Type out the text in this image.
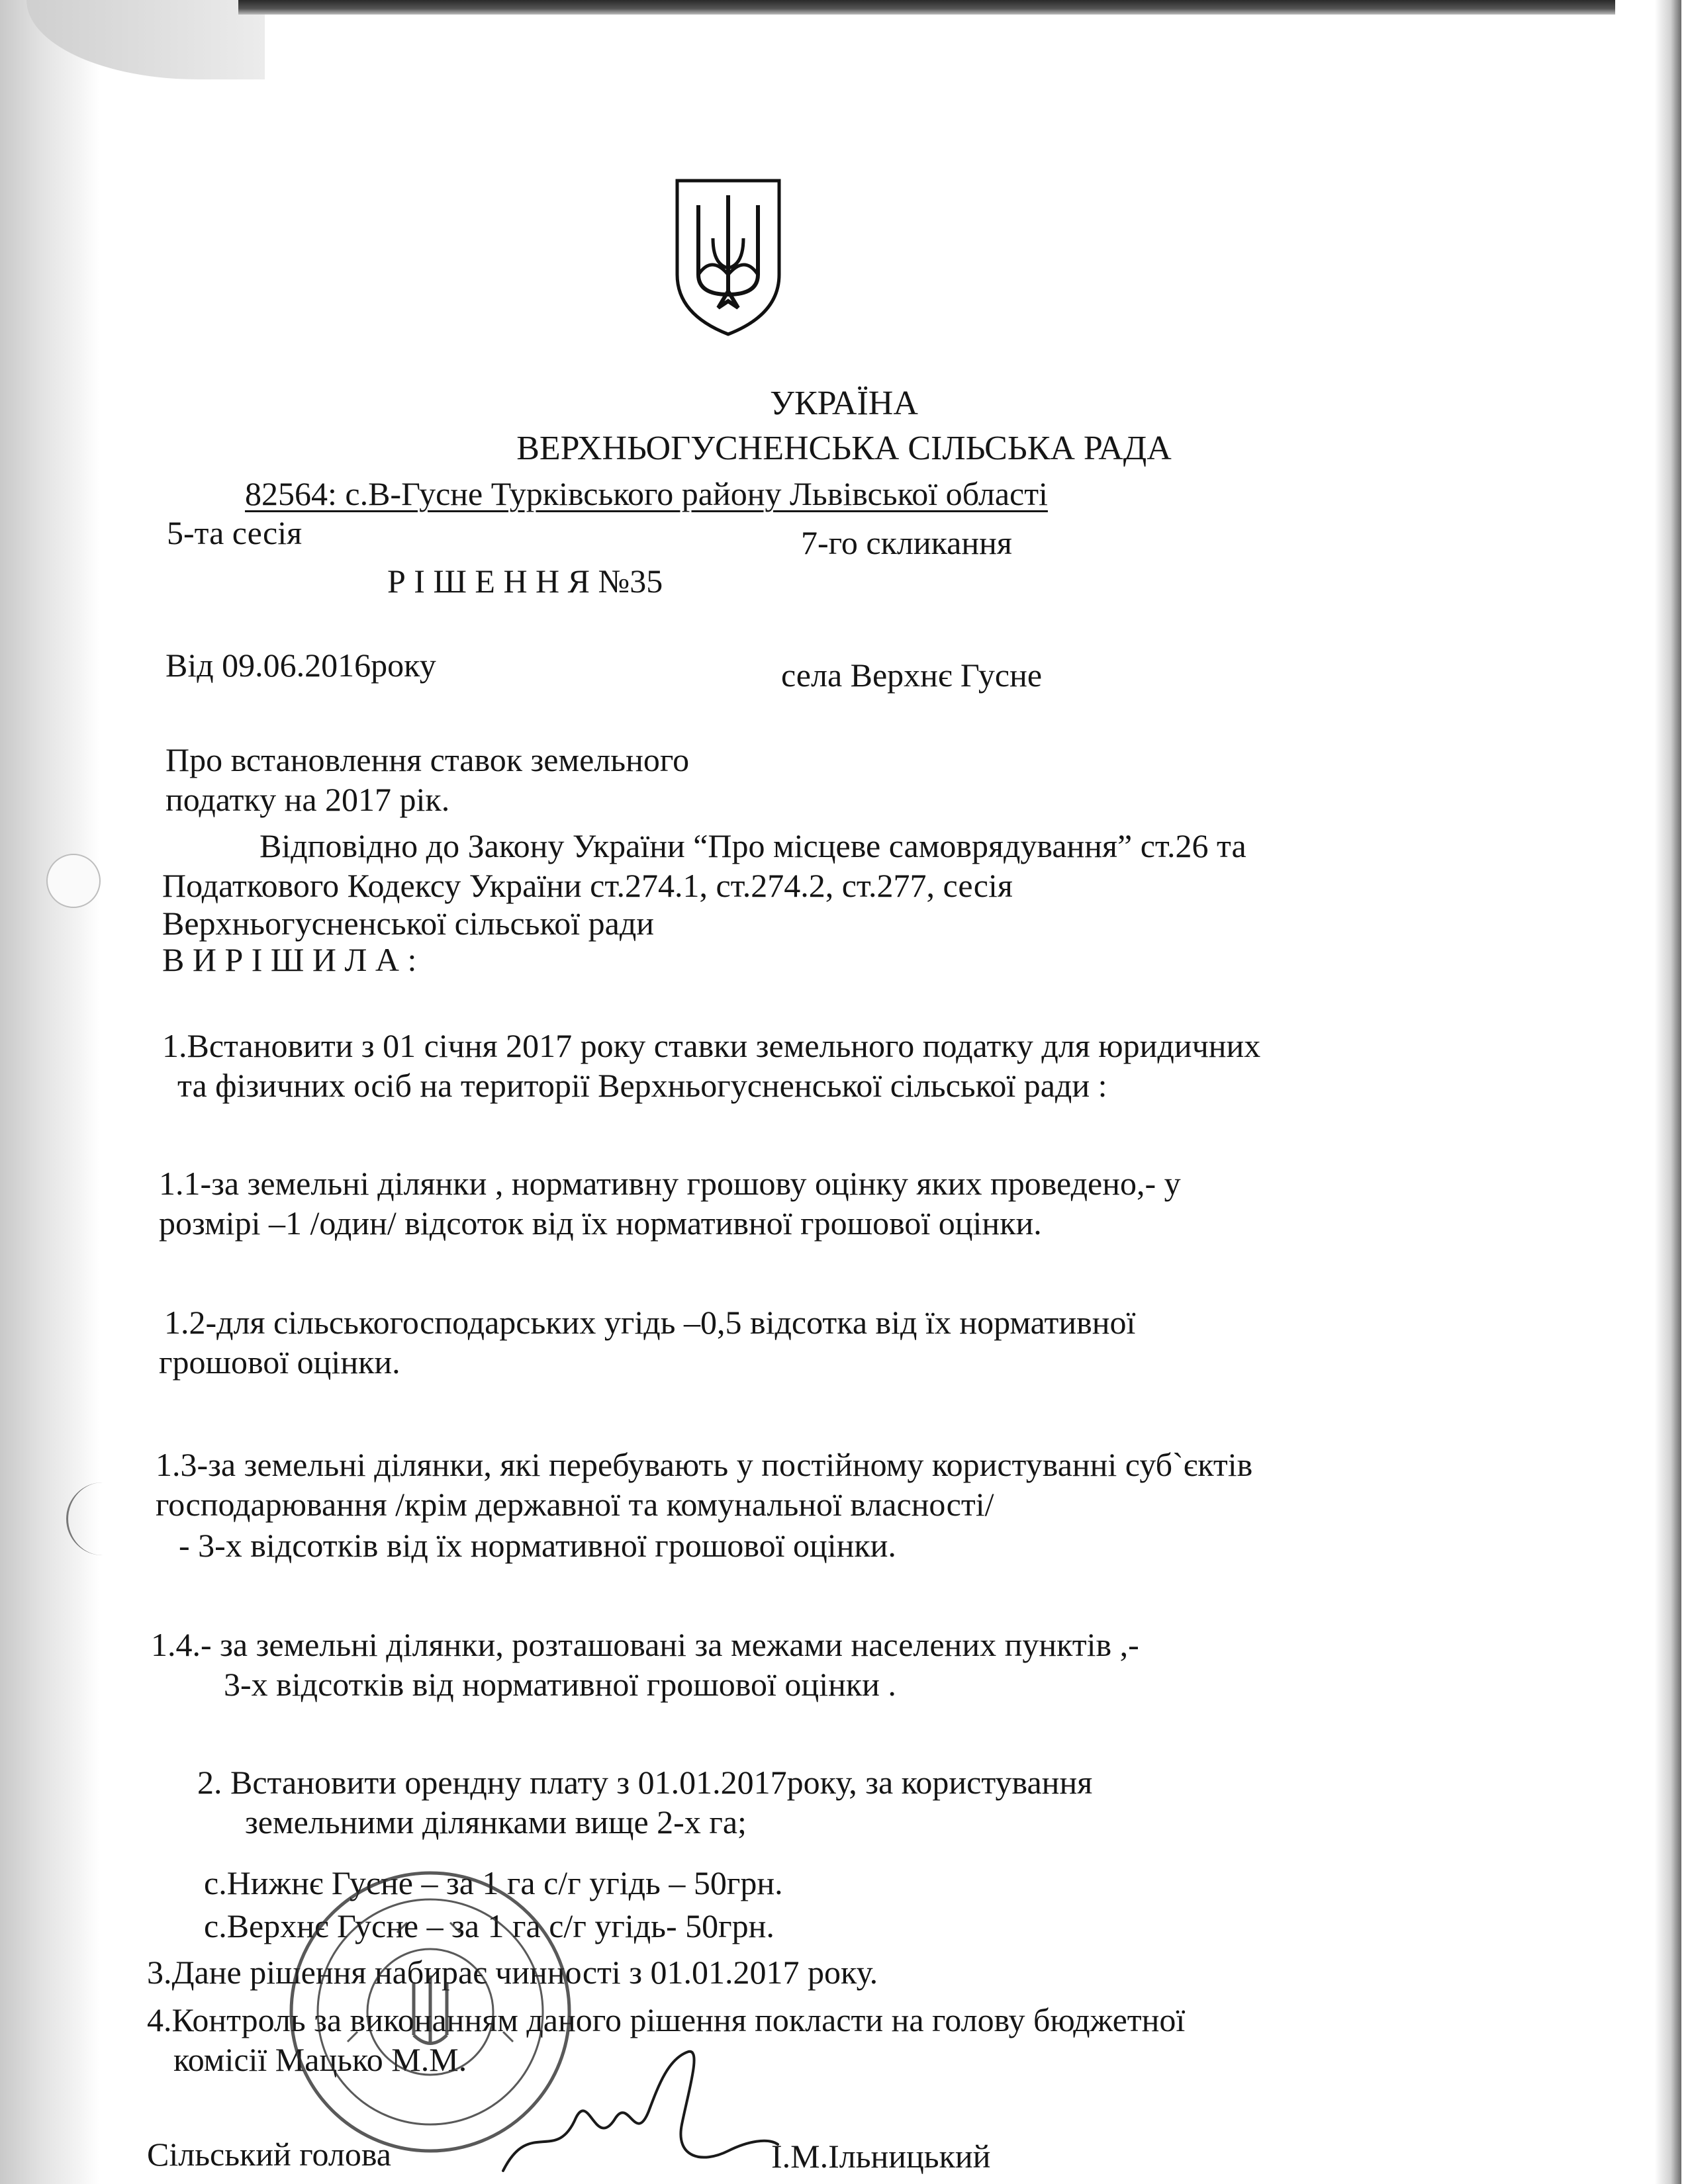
УКРАЇНА
ВЕРХНЬОГУСНЕНСЬКА СІЛЬСЬКА РАДА
82564: с.В-Гусне Турківського району Львівської області
5-та сесія	7-го скликання
Р І Ш Е Н Н Я №35
Від 09.06.2016року	села Верхнє Гусне
Про встановлення ставок земельного
податку на 2017 рік.
Відповідно до Закону України “Про місцеве самоврядування” ст.26 та
Податкового Кодексу України ст.274.1, ст.274.2, ст.277, сесія
Верхньогусненської сільської ради
В И Р І Ш И Л А :
1.Встановити з 01 січня 2017 року ставки земельного податку для юридичних
та фізичних осіб на території Верхньогусненської сільської ради :
1.1-за земельні ділянки , нормативну грошову оцінку яких проведено,- у
розмірі –1 /один/ відсоток від їх нормативної грошової оцінки.
1.2-для сільськогосподарських угідь –0,5 відсотка від їх нормативної
грошової оцінки.
1.3-за земельні ділянки, які перебувають у постійному користуванні суб`єктів
господарювання /крім державної та комунальної власності/
- 3-х відсотків від їх нормативної грошової оцінки.
1.4.- за земельні ділянки, розташовані за межами населених пунктів ,-
3-х відсотків від нормативної грошової оцінки .
2. Встановити орендну плату з 01.01.2017року, за користування
земельними ділянками вище 2-х га;
с.Нижнє Гусне – за 1 га с/г угідь – 50грн.
с.Верхнє Гусне – за 1 га с/г угідь- 50грн.
3.Дане рішення набирає чинності з 01.01.2017 року.
4.Контроль за виконанням даного рішення покласти на голову бюджетної
комісії Мацько М.М.
Сільський голова	І.М.Ільницький
